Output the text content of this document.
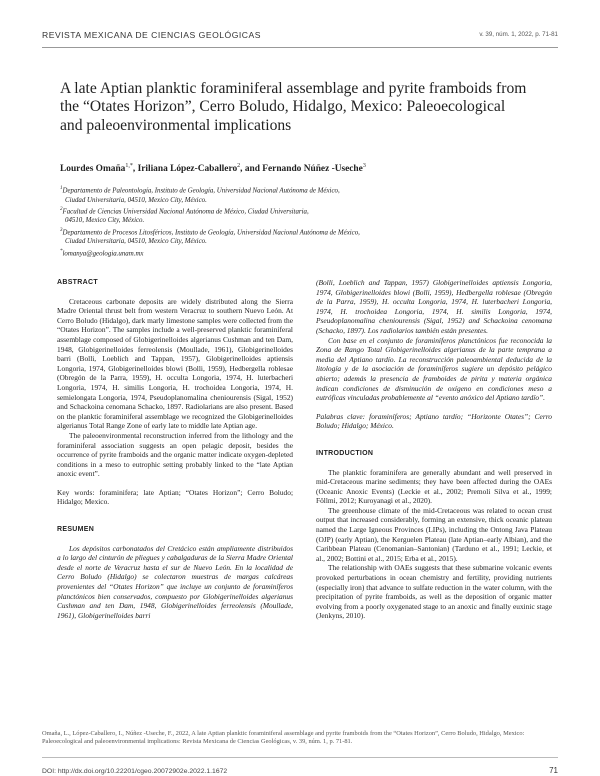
REVISTA MEXICANA DE CIENCIAS GEOLÓGICAS	v. 39, núm. 1, 2022, p. 71-81
A late Aptian planktic foraminiferal assemblage and pyrite framboids from the “Otates Horizon”, Cerro Boludo, Hidalgo, Mexico: Paleoecological and paleoenvironmental implications
Lourdes Omaña$^{1,*}$, Iriliana López-Caballero$^2$, and Fernando Núñez -Useche$^3$

$^1$Departamento de Paleontología, Instituto de Geología, Universidad Nacional Autónoma de México,

Ciudad Universitaria, 04510, Mexico City, México.

$^2$Facultad de Ciencias Universidad Nacional Autónoma de México, Ciudad Universitaria,

04510, Mexico City, México.

$^3$Departamento de Procesos Litosféricos, Instituto de Geología, Universidad Nacional Autónoma de México,

Ciudad Universitaria, 04510, Mexico City, México.

*lomanya@geologia.unam.mx

ABSTRACT

Cretaceous carbonate deposits are widely distributed along the Sierra Madre Oriental thrust belt from western Veracruz to southern Nuevo León. At Cerro Boludo (Hidalgo), dark marly limestone samples were collected from the “Otates Horizon”. The samples include a well-preserved planktic foraminiferal assemblage composed of Globigerinelloides algerianus Cushman and ten Dam, 1948, Globigerinelloides ferreolensis (Moullade, 1961), Globigerinelloides barri (Bolli, Loeblich and Tappan, 1957), Globigerinelloides aptiensis Longoria, 1974, Globigerinelloides blowi (Bolli, 1959), Hedbergella roblesae (Obregón de la Parra, 1959), H. occulta Longoria, 1974, H. luterbacheri Longoria, 1974, H. similis Longoria, H. trochoidea Longoria, 1974, H. semielongata Longoria, 1974, Pseudoplanomalina cheniourensis (Sigal, 1952) and Schackoina cenomana Schacko, 1897. Radiolarians are also present. Based on the planktic foraminiferal assemblage we recognized the Globigerinelloides algerianus Total Range Zone of early late to middle late Aptian age.

The paleoenvironmental reconstruction inferred from the lithology and the foraminiferal association suggests an open pelagic deposit, besides the occurrence of pyrite framboids and the organic matter indicate oxygen-depleted conditions in a meso to eutrophic setting probably linked to the “late Aptian anoxic event”.

Key words: foraminifera; late Aptian; “Otates Horizon”; Cerro Boludo; Hidalgo; Mexico.

RESUMEN

Los depósitos carbonatados del Cretácico están ampliamente distribuidos a lo largo del cinturón de pliegues y cabalgaduras de la Sierra Madre Oriental desde el norte de Veracruz hasta el sur de Nuevo León. En la localidad de Cerro Boludo (Hidalgo) se colectaron muestras de margas calcáreas provenientes del “Otates Horizon” que incluye un conjunto de foraminíferos planctónicos bien conservados, compuesto por Globigerinelloides algerianus Cushman and ten Dam, 1948, Globigerinelloides ferreolensis (Moullade, 1961), Globigerinelloides barri

(Bolli, Loeblich and Tappan, 1957) Globigerinelloides aptiensis Longoria, 1974, Globigerinelloides blowi (Bolli, 1959), Hedbergella roblesae (Obregón de la Parra, 1959), H. occulta Longoria, 1974, H. luterbacheri Longoria, 1974, H. trochoidea Longoria, 1974, H. similis Longoria, 1974, Pseudoplanomalina cheniourensis (Sigal, 1952) and Schackoina cenomana (Schacko, 1897). Los radiolarios también están presentes.

Con base en el conjunto de foraminíferos planctónicos fue reconocida la Zona de Rango Total Globigerinelloides algerianus de la parte temprana a media del Aptiano tardío. La reconstrucción paleoambiental deducida de la litología y de la asociación de foraminíferos sugiere un depósito pelágico abierto; además la presencia de framboides de pirita y materia orgánica indican condiciones de disminución de oxígeno en condiciones meso a eutróficas vinculadas probablemente al “evento anóxico del Aptiano tardío”.

Palabras clave: foraminíferos; Aptiano tardío; “Horizonte Otates”; Cerro Boludo; Hidalgo; México.

INTRODUCTION

The planktic foraminifera are generally abundant and well preserved in mid-Cretaceous marine sediments; they have been affected during the OAEs (Oceanic Anoxic Events) (Leckie et al., 2002; Premoli Silva et al., 1999; Föllmi, 2012; Kuroyanagi et al., 2020).

The greenhouse climate of the mid-Cretaceous was related to ocean crust output that increased considerably, forming an extensive, thick oceanic plateau named the Large Igneous Provinces (LIPs), including the Ontong Java Plateau (OJP) (early Aptian), the Kerguelen Plateau (late Aptian–early Albian), and the Caribbean Plateau (Cenomanian–Santonian) (Tarduno et al., 1991; Leckie, et al., 2002; Bottini et al., 2015; Erba et al., 2015).

The relationship with OAEs suggests that these submarine volcanic events provoked perturbations in ocean chemistry and fertility, providing nutrients (especially iron) that advance to sulfate reduction in the water column, with the precipitation of pyrite framboids, as well as the deposition of organic matter evolving from a poorly oxygenated stage to an anoxic and finally euxinic stage (Jenkyns, 2010).

Omaña, L., López-Caballero, I., Núñez -Useche, F., 2022, A late Aptian planktic foraminiferal assemblage and pyrite framboids from the “Otates Horizon”, Cerro Boludo, Hidalgo, Mexico: Paleoecological and paleoenvironmental implications: Revista Mexicana de Ciencias Geológicas, v. 39, núm. 1, p. 71-81.
DOI: http://dx.doi.org/10.22201/cgeo.20072902e.2022.1.1672	71
